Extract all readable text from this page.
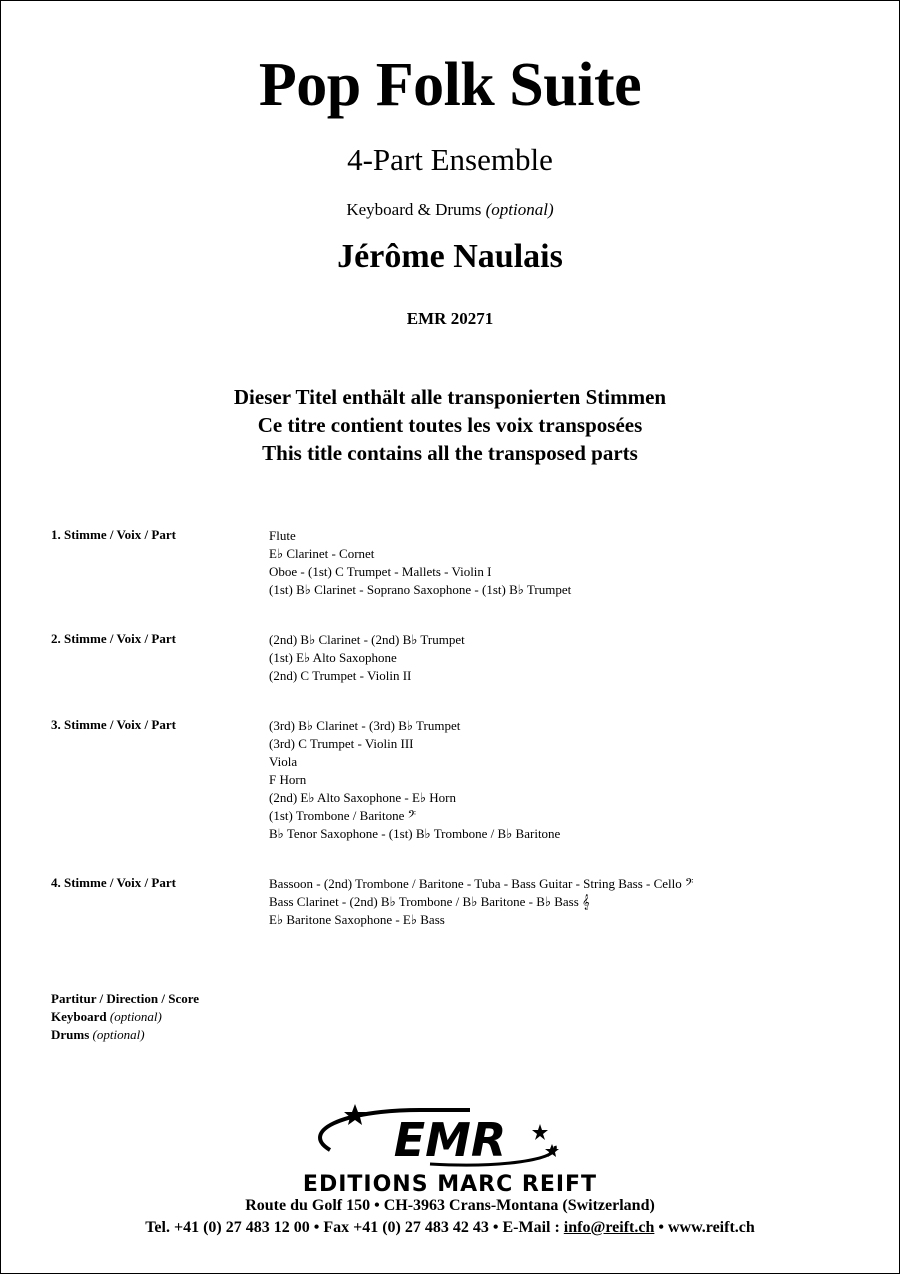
Pop Folk Suite
4-Part Ensemble
Keyboard & Drums (optional)
Jérôme Naulais
EMR 20271
Dieser Titel enthält alle transponierten Stimmen
Ce titre contient toutes les voix transposées
This title contains all the transposed parts
1. Stimme / Voix / Part	Flute
E♭ Clarinet - Cornet
Oboe - (1st) C Trumpet - Mallets - Violin I
(1st) B♭ Clarinet - Soprano Saxophone - (1st) B♭ Trumpet
2. Stimme / Voix / Part	(2nd) B♭ Clarinet - (2nd) B♭ Trumpet
(1st) E♭ Alto Saxophone
(2nd) C Trumpet - Violin II
3. Stimme / Voix / Part	(3rd) B♭ Clarinet - (3rd) B♭ Trumpet
(3rd) C Trumpet - Violin III
Viola
F Horn
(2nd) E♭ Alto Saxophone - E♭ Horn
(1st) Trombone / Baritone 𝄢
B♭ Tenor Saxophone - (1st) B♭ Trombone / B♭ Baritone
4. Stimme / Voix / Part	Bassoon - (2nd) Trombone / Baritone - Tuba - Bass Guitar - String Bass - Cello 𝄢
Bass Clarinet - (2nd) B♭ Trombone / B♭ Baritone - B♭ Bass 𝄞
E♭ Baritone Saxophone - E♭ Bass
Partitur / Direction / Score
Keyboard (optional)
Drums (optional)
EMR
EDITIONS MARC REIFT
Route du Golf 150 • CH-3963 Crans-Montana (Switzerland)
Tel. +41 (0) 27 483 12 00 • Fax +41 (0) 27 483 42 43 • E-Mail : info@reift.ch • www.reift.ch
